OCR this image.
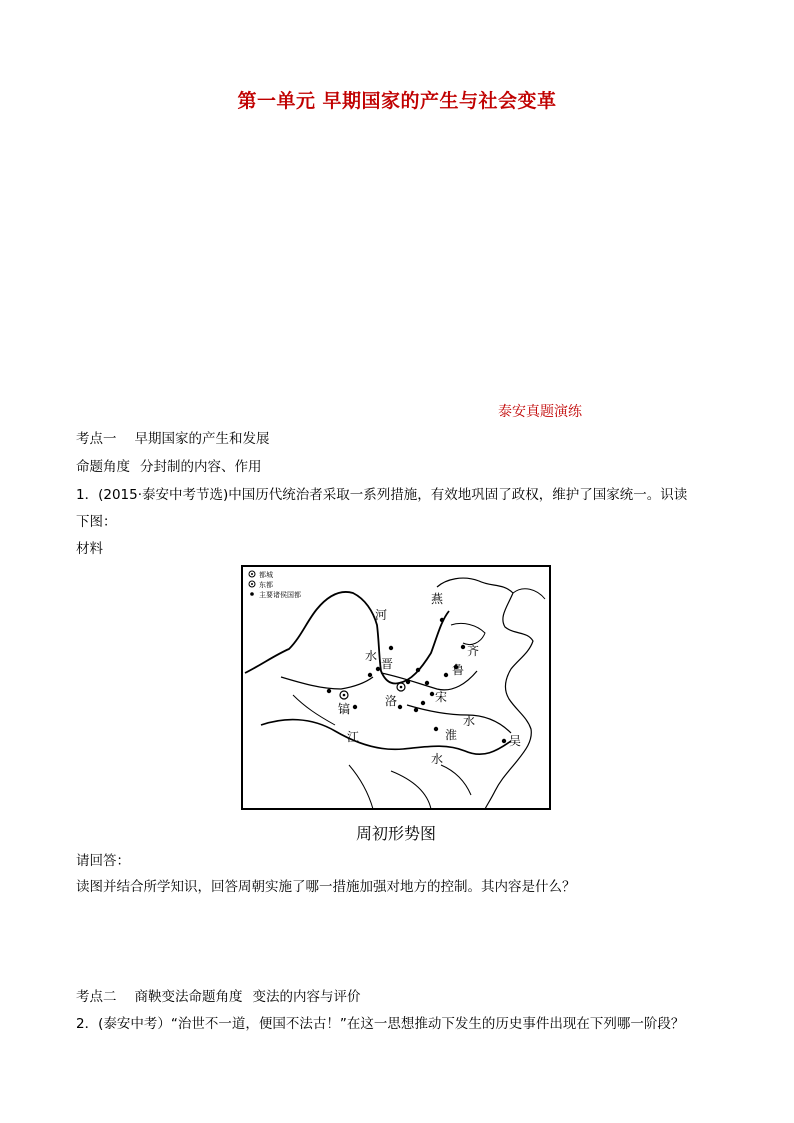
第一单元 早期国家的产生与社会变革
泰安真题演练
考点一 早期国家的产生和发展
命题角度 分封制的内容、作用
1．(2015·泰安中考节选)中国历代统治者采取一系列措施，有效地巩固了政权，维护了国家统一。识读
下图：
材料
都城
东都
主要诸侯国都	燕
河
水
晋
齐
鲁
镐
洛	宋
水
淮
江
水
吴
周初形势图
请回答：
读图并结合所学知识，回答周朝实施了哪一措施加强对地方的控制。其内容是什么？
考点二 商鞅变法命题角度 变法的内容与评价
2．(泰安中考）“治世不一道，便国不法古！”在这一思想推动下发生的历史事件出现在下列哪一阶段？
